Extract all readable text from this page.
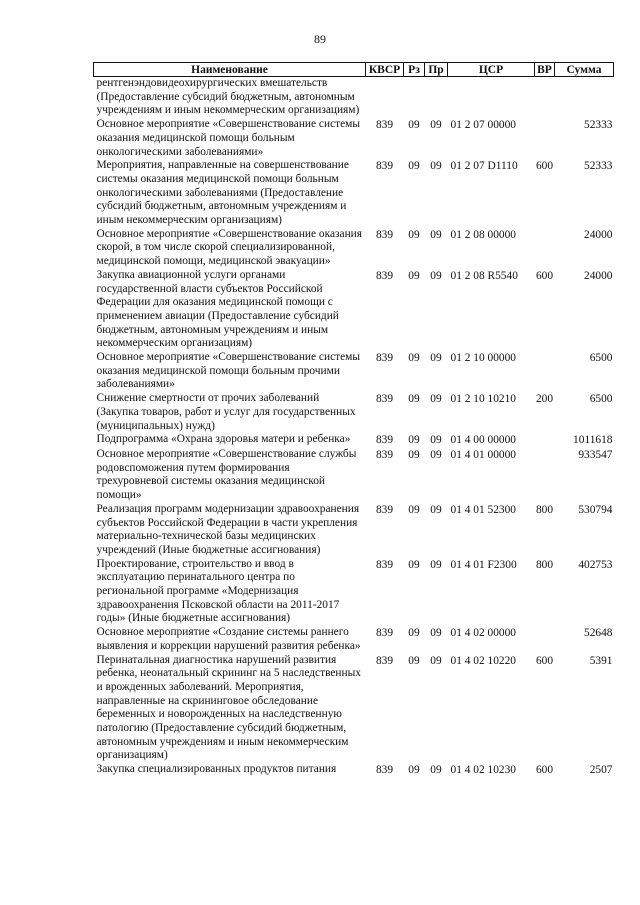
89
Наименование	КВСР	Рз	Пр	ЦСР	ВР	Сумма
рентгенэндовидеохирургических вмешательств (Предоставление субсидий бюджетным, автономным учреждениям и иным некоммерческим организациям)						
Основное мероприятие «Совершенствование системы оказания медицинской помощи больным онкологическими заболеваниями»	839	09	09	01 2 07 00000		52333
Мероприятия, направленные на совершенствование системы оказания медицинской помощи больным онкологическими заболеваниями (Предоставление субсидий бюджетным, автономным учреждениям и иным некоммерческим организациям)	839	09	09	01 2 07 D1110	600	52333
Основное мероприятие «Совершенствование оказания скорой, в том числе скорой специализированной, медицинской помощи, медицинской эвакуации»	839	09	09	01 2 08 00000		24000
Закупка авиационной услуги органами государственной власти субъектов Российской Федерации для оказания медицинской помощи с применением авиации (Предоставление субсидий бюджетным, автономным учреждениям и иным некоммерческим организациям)	839	09	09	01 2 08 R5540	600	24000
Основное мероприятие «Совершенствование системы оказания медицинской помощи больным прочими заболеваниями»	839	09	09	01 2 10 00000		6500
Снижение смертности от прочих заболеваний (Закупка товаров, работ и услуг для государственных (муниципальных) нужд)	839	09	09	01 2 10 10210	200	6500
Подпрограмма «Охрана здоровья матери и ребенка»	839	09	09	01 4 00 00000		1011618
Основное мероприятие «Совершенствование службы родовспоможения путем формирования трехуровневой системы оказания медицинской помощи»	839	09	09	01 4 01 00000		933547
Реализация программ модернизации здравоохранения субъектов Российской Федерации в части укрепления материально-технической базы медицинских учреждений (Иные бюджетные ассигнования)	839	09	09	01 4 01 52300	800	530794
Проектирование, строительство и ввод в эксплуатацию перинатального центра по региональной программе «Модернизация здравоохранения Псковской области на 2011-2017 годы» (Иные бюджетные ассигнования)	839	09	09	01 4 01 F2300	800	402753
Основное мероприятие «Создание системы раннего выявления и коррекции нарушений развития ребенка»	839	09	09	01 4 02 00000		52648
Перинатальная диагностика нарушений развития ребенка, неонатальный скрининг на 5 наследственных и врожденных заболеваний. Мероприятия, направленные на скрининговое обследование беременных и новорожденных на наследственную патологию (Предоставление субсидий бюджетным, автономным учреждениям и иным некоммерческим организациям)	839	09	09	01 4 02 10220	600	5391
Закупка специализированных продуктов питания	839	09	09	01 4 02 10230	600	2507
